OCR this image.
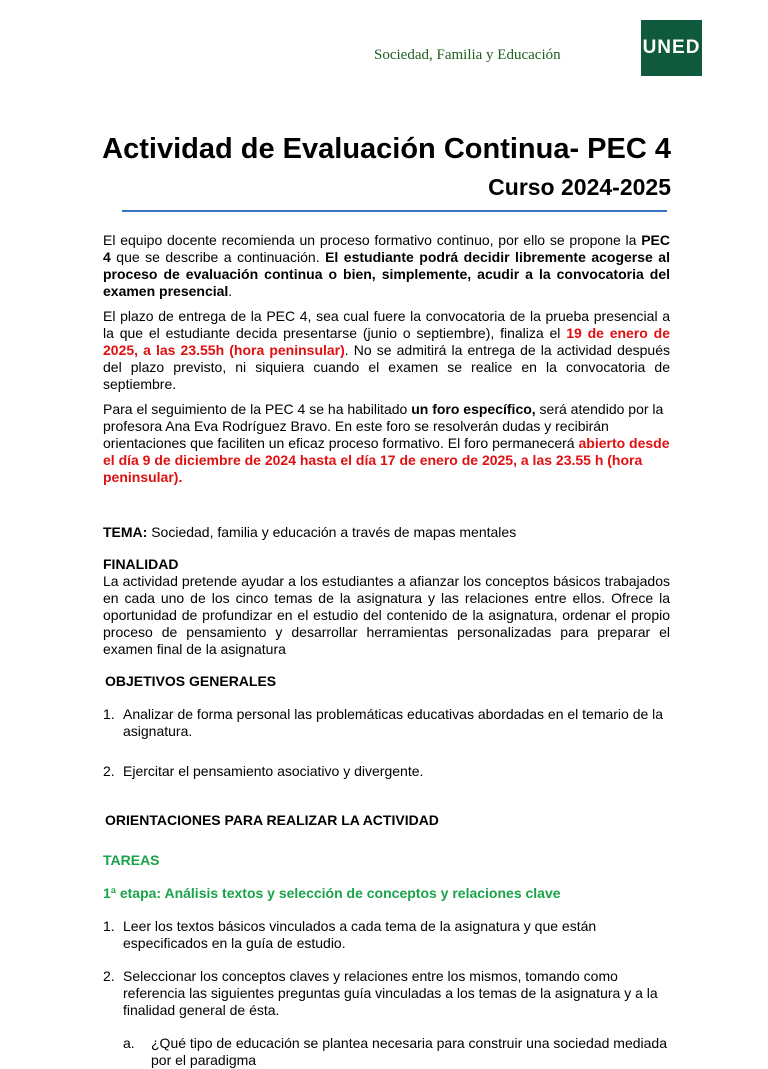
Sociedad, Familia y Educación	UNED
Actividad de Evaluación Continua- PEC 4
Curso 2024-2025

El equipo docente recomienda un proceso formativo continuo, por ello se propone la PEC 4 que se describe a continuación. El estudiante podrá decidir libremente acogerse al proceso de evaluación continua o bien, simplemente, acudir a la convocatoria del examen presencial.

El plazo de entrega de la PEC 4, sea cual fuere la convocatoria de la prueba presencial a la que el estudiante decida presentarse (junio o septiembre), finaliza el 19 de enero de 2025, a las 23.55h (hora peninsular). No se admitirá la entrega de la actividad después del plazo previsto, ni siquiera cuando el examen se realice en la convocatoria de septiembre.

Para el seguimiento de la PEC 4 se ha habilitado un foro específico, será atendido por la profesora Ana Eva Rodríguez Bravo. En este foro se resolverán dudas y recibirán orientaciones que faciliten un eficaz proceso formativo. El foro permanecerá abierto desde el día 9 de diciembre de 2024 hasta el día 17 de enero de 2025, a las 23.55 h (hora peninsular).

TEMA: Sociedad, familia y educación a través de mapas mentales

FINALIDAD

La actividad pretende ayudar a los estudiantes a afianzar los conceptos básicos trabajados en cada uno de los cinco temas de la asignatura y las relaciones entre ellos. Ofrece la oportunidad de profundizar en el estudio del contenido de la asignatura, ordenar el propio proceso de pensamiento y desarrollar herramientas personalizadas para preparar el examen final de la asignatura

OBJETIVOS GENERALES

1. Analizar de forma personal las problemáticas educativas abordadas en el temario de la asignatura.
2. Ejercitar el pensamiento asociativo y divergente.

ORIENTACIONES PARA REALIZAR LA ACTIVIDAD

TAREAS

1ª etapa: Análisis textos y selección de conceptos y relaciones clave

1. Leer los textos básicos vinculados a cada tema de la asignatura y que están especificados en la guía de estudio.
2. Seleccionar los conceptos claves y relaciones entre los mismos, tomando como referencia las siguientes preguntas guía vinculadas a los temas de la asignatura y a la finalidad general de ésta.
a.	¿Qué tipo de educación se plantea necesaria para construir una sociedad mediada por el paradigma
